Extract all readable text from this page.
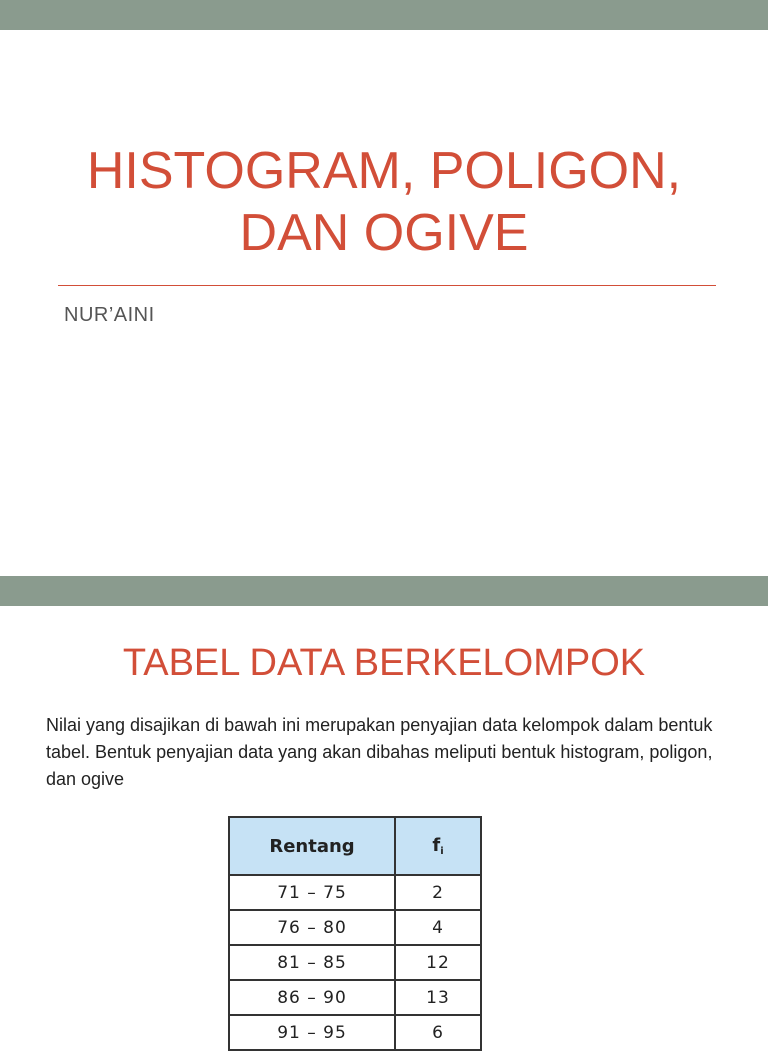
HISTOGRAM, POLIGON,
DAN OGIVE
NUR’AINI
TABEL DATA BERKELOMPOK
Nilai yang disajikan di bawah ini merupakan penyajian data kelompok dalam bentuk tabel. Bentuk penyajian data yang akan dibahas meliputi bentuk histogram, poligon, dan ogive
Rentang	fi
71 – 75	2
76 – 80	4
81 – 85	12
86 – 90	13
91 – 95	6
